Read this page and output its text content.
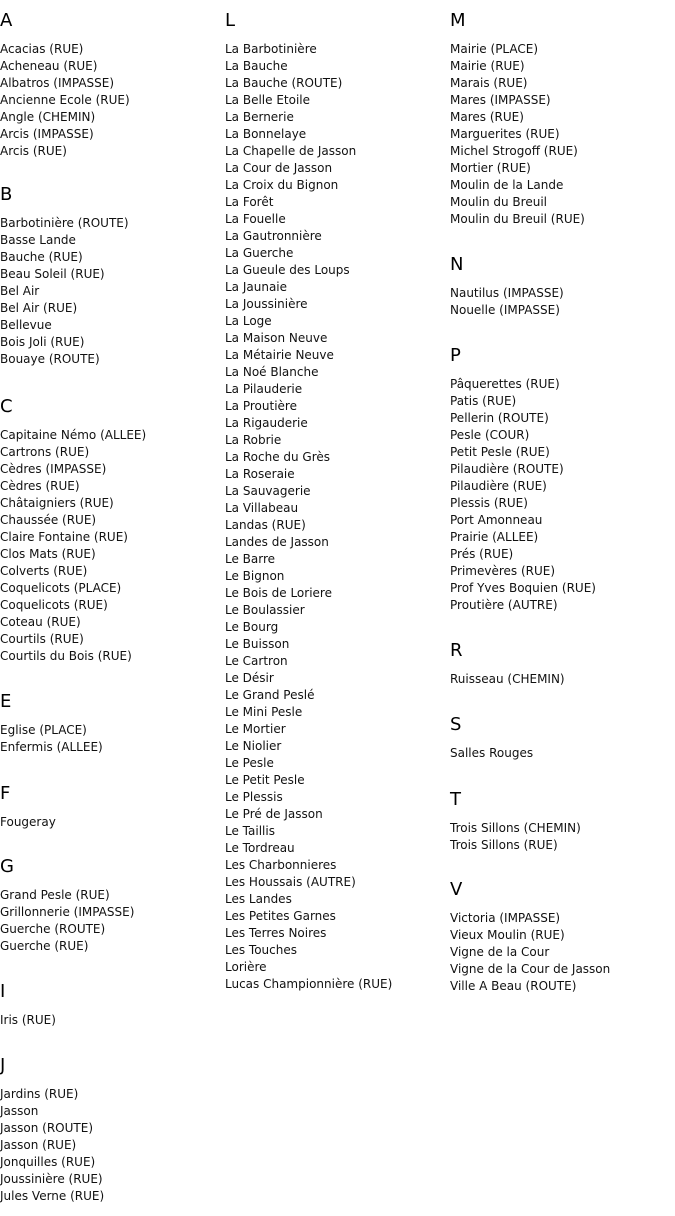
A
Acacias (RUE)
Acheneau (RUE)
Albatros (IMPASSE)
Ancienne Ecole (RUE)
Angle (CHEMIN)
Arcis (IMPASSE)
Arcis (RUE)
B
Barbotinière (ROUTE)
Basse Lande
Bauche (RUE)
Beau Soleil (RUE)
Bel Air
Bel Air (RUE)
Bellevue
Bois Joli (RUE)
Bouaye (ROUTE)
C
Capitaine Némo (ALLEE)
Cartrons (RUE)
Cèdres (IMPASSE)
Cèdres (RUE)
Châtaigniers (RUE)
Chaussée (RUE)
Claire Fontaine (RUE)
Clos Mats (RUE)
Colverts (RUE)
Coquelicots (PLACE)
Coquelicots (RUE)
Coteau (RUE)
Courtils (RUE)
Courtils du Bois (RUE)
E
Eglise (PLACE)
Enfermis (ALLEE)
F
Fougeray
G
Grand Pesle (RUE)
Grillonnerie (IMPASSE)
Guerche (ROUTE)
Guerche (RUE)
I
Iris (RUE)
J
Jardins (RUE)
Jasson
Jasson (ROUTE)
Jasson (RUE)
Jonquilles (RUE)
Joussinière (RUE)
Jules Verne (RUE)
L
La Barbotinière
La Bauche
La Bauche (ROUTE)
La Belle Etoile
La Bernerie
La Bonnelaye
La Chapelle de Jasson
La Cour de Jasson
La Croix du Bignon
La Forêt
La Fouelle
La Gautronnière
La Guerche
La Gueule des Loups
La Jaunaie
La Joussinière
La Loge
La Maison Neuve
La Métairie Neuve
La Noé Blanche
La Pilauderie
La Proutière
La Rigauderie
La Robrie
La Roche du Grès
La Roseraie
La Sauvagerie
La Villabeau
Landas (RUE)
Landes de Jasson
Le Barre
Le Bignon
Le Bois de Loriere
Le Boulassier
Le Bourg
Le Buisson
Le Cartron
Le Désir
Le Grand Peslé
Le Mini Pesle
Le Mortier
Le Niolier
Le Pesle
Le Petit Pesle
Le Plessis
Le Pré de Jasson
Le Taillis
Le Tordreau
Les Charbonnieres
Les Houssais (AUTRE)
Les Landes
Les Petites Garnes
Les Terres Noires
Les Touches
Lorière
Lucas Championnière (RUE)
M
Mairie (PLACE)
Mairie (RUE)
Marais (RUE)
Mares (IMPASSE)
Mares (RUE)
Marguerites (RUE)
Michel Strogoff (RUE)
Mortier (RUE)
Moulin de la Lande
Moulin du Breuil
Moulin du Breuil (RUE)
N
Nautilus (IMPASSE)
Nouelle (IMPASSE)
P
Pâquerettes (RUE)
Patis (RUE)
Pellerin (ROUTE)
Pesle (COUR)
Petit Pesle (RUE)
Pilaudière (ROUTE)
Pilaudière (RUE)
Plessis (RUE)
Port Amonneau
Prairie (ALLEE)
Prés (RUE)
Primevères (RUE)
Prof Yves Boquien (RUE)
Proutière (AUTRE)
R
Ruisseau (CHEMIN)
S
Salles Rouges
T
Trois Sillons (CHEMIN)
Trois Sillons (RUE)
V
Victoria (IMPASSE)
Vieux Moulin (RUE)
Vigne de la Cour
Vigne de la Cour de Jasson
Ville A Beau (ROUTE)
